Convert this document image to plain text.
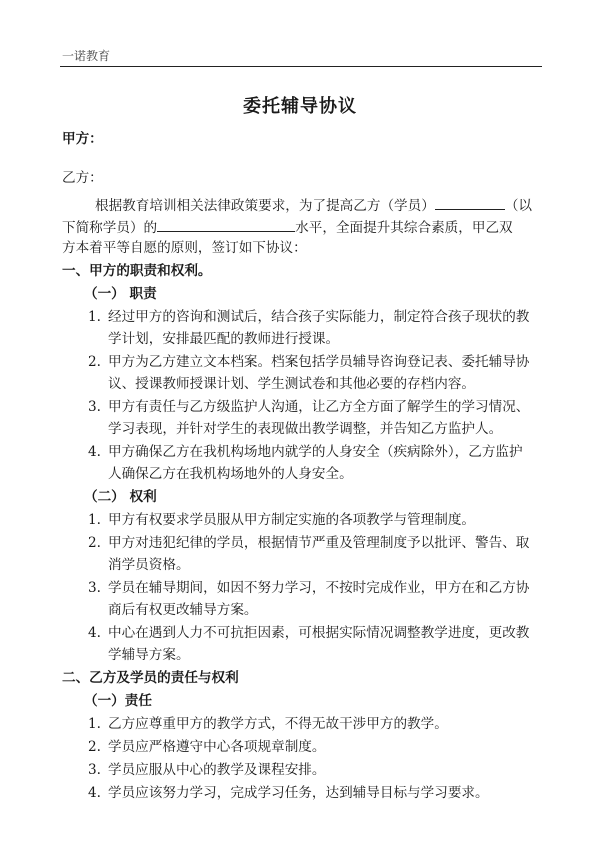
一诺教育
委托辅导协议
甲方：
乙方：
根据教育培训相关法律政策要求，为了提高乙方（学员）	（以
下简称学员）的	水平，全面提升其综合素质，甲乙双
方本着平等自愿的原则，签订如下协议：
一、甲方的职责和权利。
（一） 职责
1. 经过甲方的咨询和测试后，结合孩子实际能力，制定符合孩子现状的教
学计划，安排最匹配的教师进行授课。
2. 甲方为乙方建立文本档案。档案包括学员辅导咨询登记表、委托辅导协
议、授课教师授课计划、学生测试卷和其他必要的存档内容。
3. 甲方有责任与乙方级监护人沟通，让乙方全方面了解学生的学习情况、
学习表现，并针对学生的表现做出教学调整，并告知乙方监护人。
4. 甲方确保乙方在我机构场地内就学的人身安全（疾病除外），乙方监护
人确保乙方在我机构场地外的人身安全。
（二） 权利
1. 甲方有权要求学员服从甲方制定实施的各项教学与管理制度。
2. 甲方对违犯纪律的学员，根据情节严重及管理制度予以批评、警告、取
消学员资格。
3. 学员在辅导期间，如因不努力学习，不按时完成作业，甲方在和乙方协
商后有权更改辅导方案。
4. 中心在遇到人力不可抗拒因素，可根据实际情况调整教学进度，更改教
学辅导方案。
二、乙方及学员的责任与权利
（一）责任
1. 乙方应尊重甲方的教学方式，不得无故干涉甲方的教学。
2. 学员应严格遵守中心各项规章制度。
3. 学员应服从中心的教学及课程安排。
4. 学员应该努力学习，完成学习任务，达到辅导目标与学习要求。
